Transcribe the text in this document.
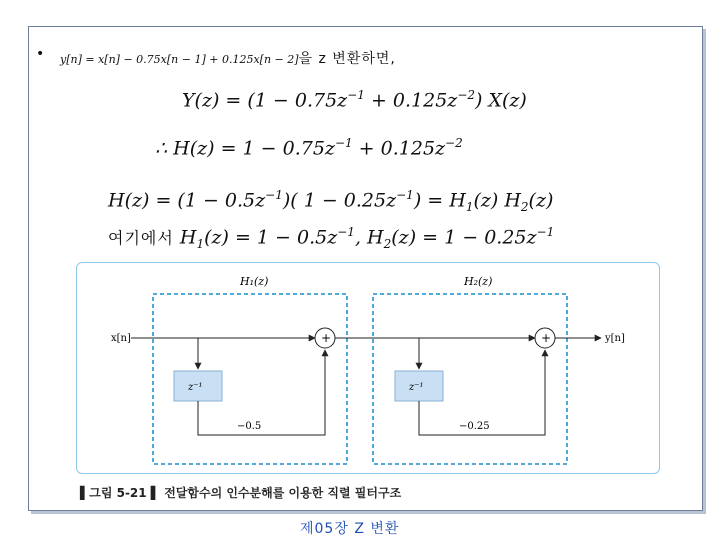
• y[n] = x[n] − 0.75x[n − 1] + 0.125x[n − 2]을 z 변환하면,
$Y(z) = (1 - 0.75z^{-1} + 0.125z^{-2})$ X(z)
∴ $H(z) = 1 - 0.75z^{-1} + 0.125z^{-2}$
$H(z) = (1 - 0.5z^{-1})$( $1 - 0.25z^{-1}) = H_1(z)$ $H_2(z)$
여기에서 $H_1(z) = 1 - 0.5z^{-1}$, $H_2(z) = 1 - 0.25z^{-1}$
H₁(z)	H₂(z)
x[n]	+
z⁻¹
−0.5
+
z⁻¹
−0.25
y[n]
▌그림 5-21 ▌ 전달함수의 인수분해를 이용한 직렬 필터구조
제05장 Z 변환
